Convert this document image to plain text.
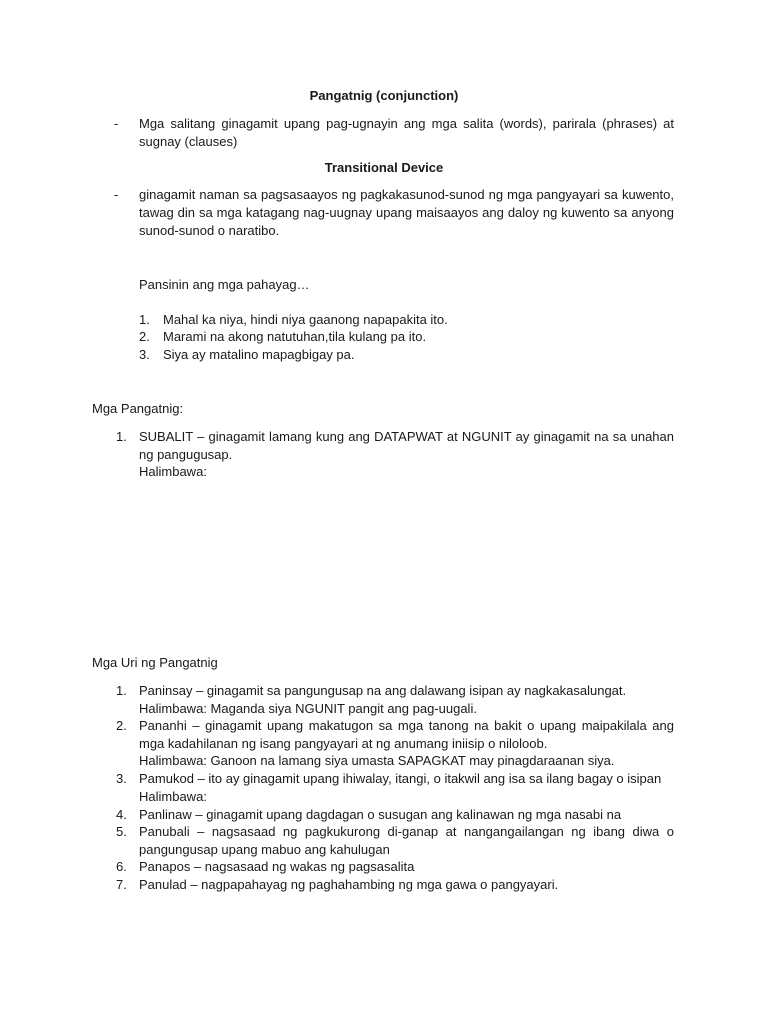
Pangatnig (conjunction)
- Mga salitang ginagamit upang pag-ugnayin ang mga salita (words), parirala (phrases) at sugnay (clauses)
Transitional Device
- ginagamit naman sa pagsasaayos ng pagkakasunod-sunod ng mga pangyayari sa kuwento, tawag din sa mga katagang nag-uugnay upang maisaayos ang daloy ng kuwento sa anyong sunod-sunod o naratibo.
Pansinin ang mga pahayag…
1. Mahal ka niya, hindi niya gaanong napapakita ito.
2. Marami na akong natutuhan,tila kulang pa ito.
3. Siya ay matalino mapagbigay pa.
Mga Pangatnig:
1. SUBALIT – ginagamit lamang kung ang DATAPWAT at NGUNIT ay ginagamit na sa unahan ng pangugusap.
Halimbawa:
Mga Uri ng Pangatnig
1. Paninsay – ginagamit sa pangungusap na ang dalawang isipan ay nagkakasalungat.
Halimbawa: Maganda siya NGUNIT pangit ang pag-uugali.
2. Pananhi – ginagamit upang makatugon sa mga tanong na bakit o upang maipakilala ang mga kadahilanan ng isang pangyayari at ng anumang iniisip o niloloob.
Halimbawa: Ganoon na lamang siya umasta SAPAGKAT may pinagdaraanan siya.
3. Pamukod – ito ay ginagamit upang ihiwalay, itangi, o itakwil ang isa sa ilang bagay o isipan
Halimbawa:
4. Panlinaw – ginagamit upang dagdagan o susugan ang kalinawan ng mga nasabi na
5. Panubali – nagsasaad ng pagkukurong di-ganap at nangangailangan ng ibang diwa o pangungusap upang mabuo ang kahulugan
6. Panapos – nagsasaad ng wakas ng pagsasalita
7. Panulad – nagpapahayag ng paghahambing ng mga gawa o pangyayari.
